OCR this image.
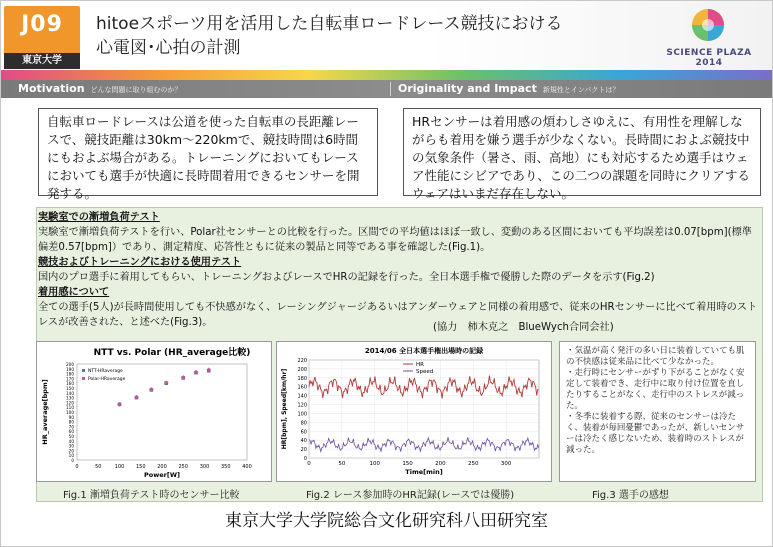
J09
東京大学
hitoeスポーツ用を活用した自転車ロードレース競技における
心電図･心拍の計測	SCIENCE PLAZA 2014
Motivation どんな問題に取り組むのか？	Originality and Impact 新規性とインパクトは？
自転車ロードレースは公道を使った自転車の長距離レースで、競技距離は30km〜220kmで、競技時間は6時間にもおよぶ場合がある。トレーニングにおいてもレースにおいても選手が快適に長時間着用できるセンサーを開発する。
HRセンサーは着用感の煩わしさゆえに、有用性を理解しながらも着用を嫌う選手が少なくない。長時間におよぶ競技中の気象条件（暑さ、雨、高地）にも対応するため選手はウェア性能にシビアであり、この二つの課題を同時にクリアするウェアはいまだ存在しない。
実験室での漸増負荷テスト
実験室で漸増負荷テストを行い、Polar社センサーとの比較を行った。区間での平均値はほぼ一致し、変動のある区間においても平均誤差は0.07[bpm](標準偏差0.57[bpm]）であり、測定精度、応答性ともに従来の製品と同等である事を確認した(Fig.1)。
競技およびトレーニングにおける使用テスト
国内のプロ選手に着用してもらい、トレーニングおよびレースでHRの記録を行った。全日本選手権で優勝した際のデータを示す(Fig.2)
着用感について
全ての選手(5人)が長時間使用しても不快感がなく、レーシングジャージあるいはアンダーウェアと同様の着用感で、従来のHRセンサーに比べて着用時のストレスが改善された、と述べた(Fig.3)。	(協力　柿木克之　BlueWych合同会社)
NTT vs. Polar (HR_average比較)
0
10
20
30
40
50
60
70
80
90
100
110
120
130
140
150
160
170
180
190
200
0	50	100 150 200 250 300 350 400
Power[W]
HR_average[bpm]
NTT-HRaverage
Polar-HRaverage
Fig.1 漸増負荷テスト時のセンサー比較
2014/06 全日本選手権出場時の記録
0
20
40
60
80
100
120
140
160
180
200
220
0	50	100	150	200	250	300
Time[min]
HR[bpm], Speed[km/hr]
HR
Speed
Fig.2 レース参加時のHR記録(レースでは優勝)
・気温が高く発汗の多い日に装着していても肌の不快感は従来品に比べて少なかった。
・走行時にセンサーがずり下がることがなく安定して装着でき、走行中に取り付け位置を直したりすることがなく、走行中のストレスが減った。
・冬季に装着する際、従来のセンサーは冷たく、装着が毎回憂鬱であったが、新しいセンサーは冷たく感じないため、装着時のストレスが減った。
Fig.3 選手の感想
東京大学大学院総合文化研究科八田研究室
